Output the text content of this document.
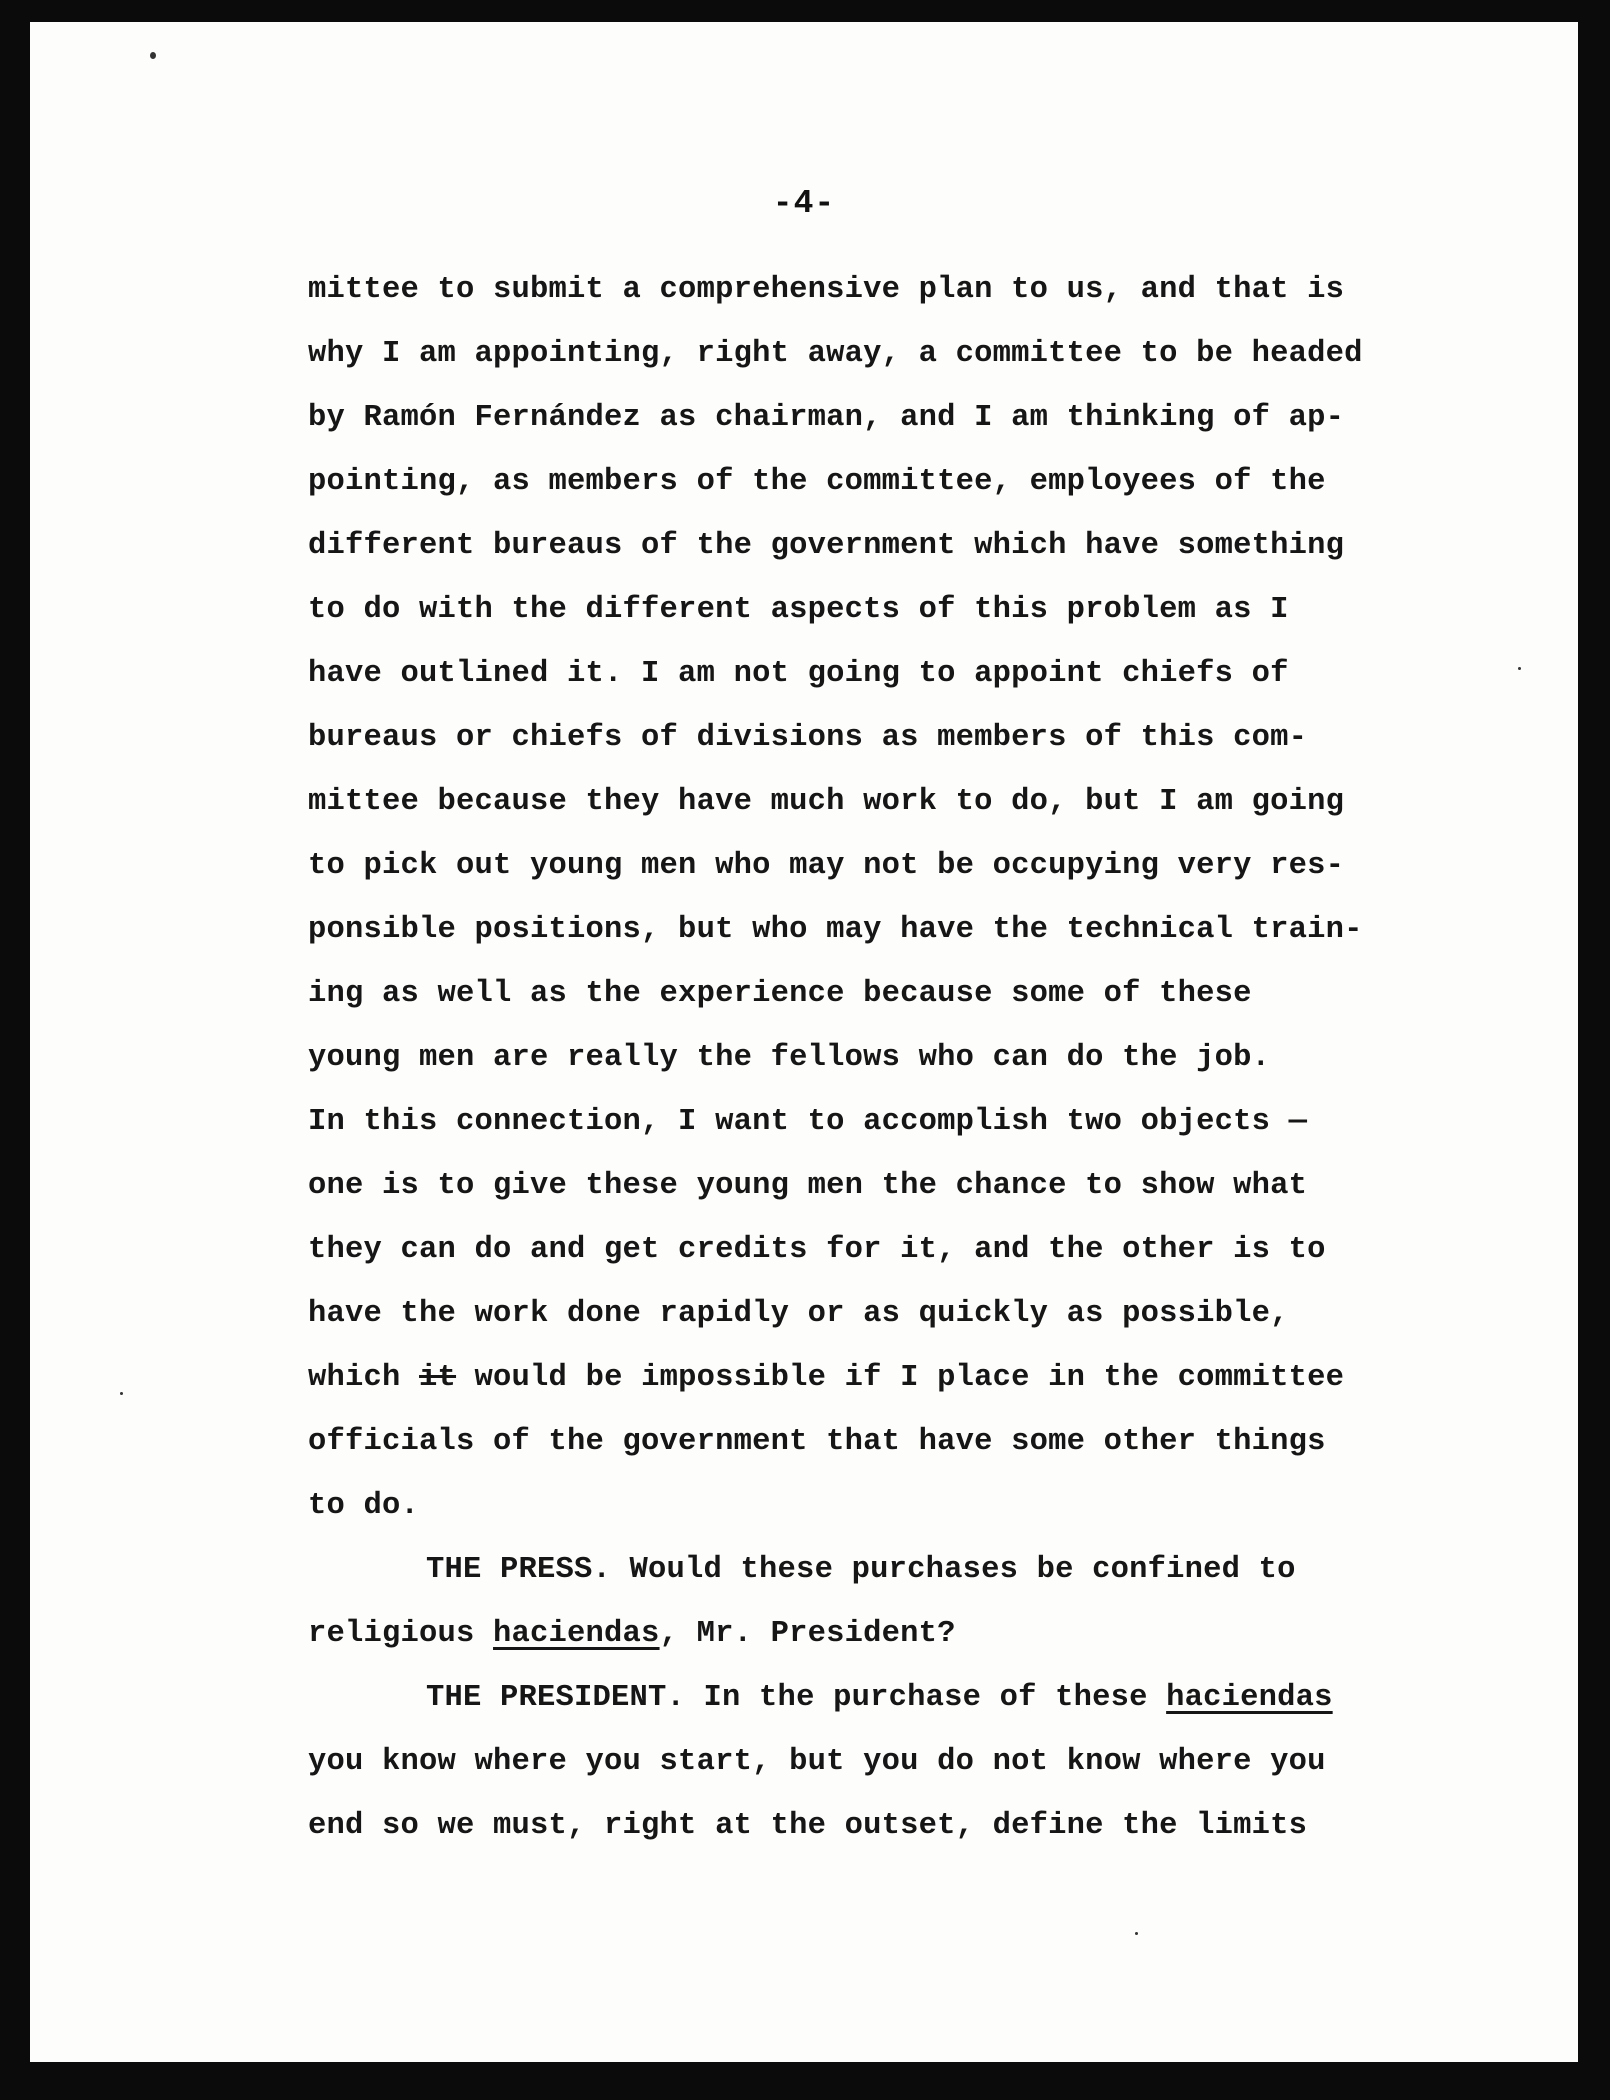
-4-
mittee to submit a comprehensive plan to us, and that is
why I am appointing, right away, a committee to be headed
by Ramón Fernández as chairman, and I am thinking of ap-
pointing, as members of the committee, employees of the
different bureaus of the government which have something
to do with the different aspects of this problem as I
have outlined it. I am not going to appoint chiefs of
bureaus or chiefs of divisions as members of this com-
mittee because they have much work to do, but I am going
to pick out young men who may not be occupying very res-
ponsible positions, but who may have the technical train-
ing as well as the experience because some of these
young men are really the fellows who can do the job.
In this connection, I want to accomplish two objects —
one is to give these young men the chance to show what
they can do and get credits for it, and the other is to
have the work done rapidly or as quickly as possible,
which it would be impossible if I place in the committee
officials of the government that have some other things
to do.
THE PRESS. Would these purchases be confined to
religious haciendas, Mr. President?
THE PRESIDENT. In the purchase of these haciendas
you know where you start, but you do not know where you
end so we must, right at the outset, define the limits
